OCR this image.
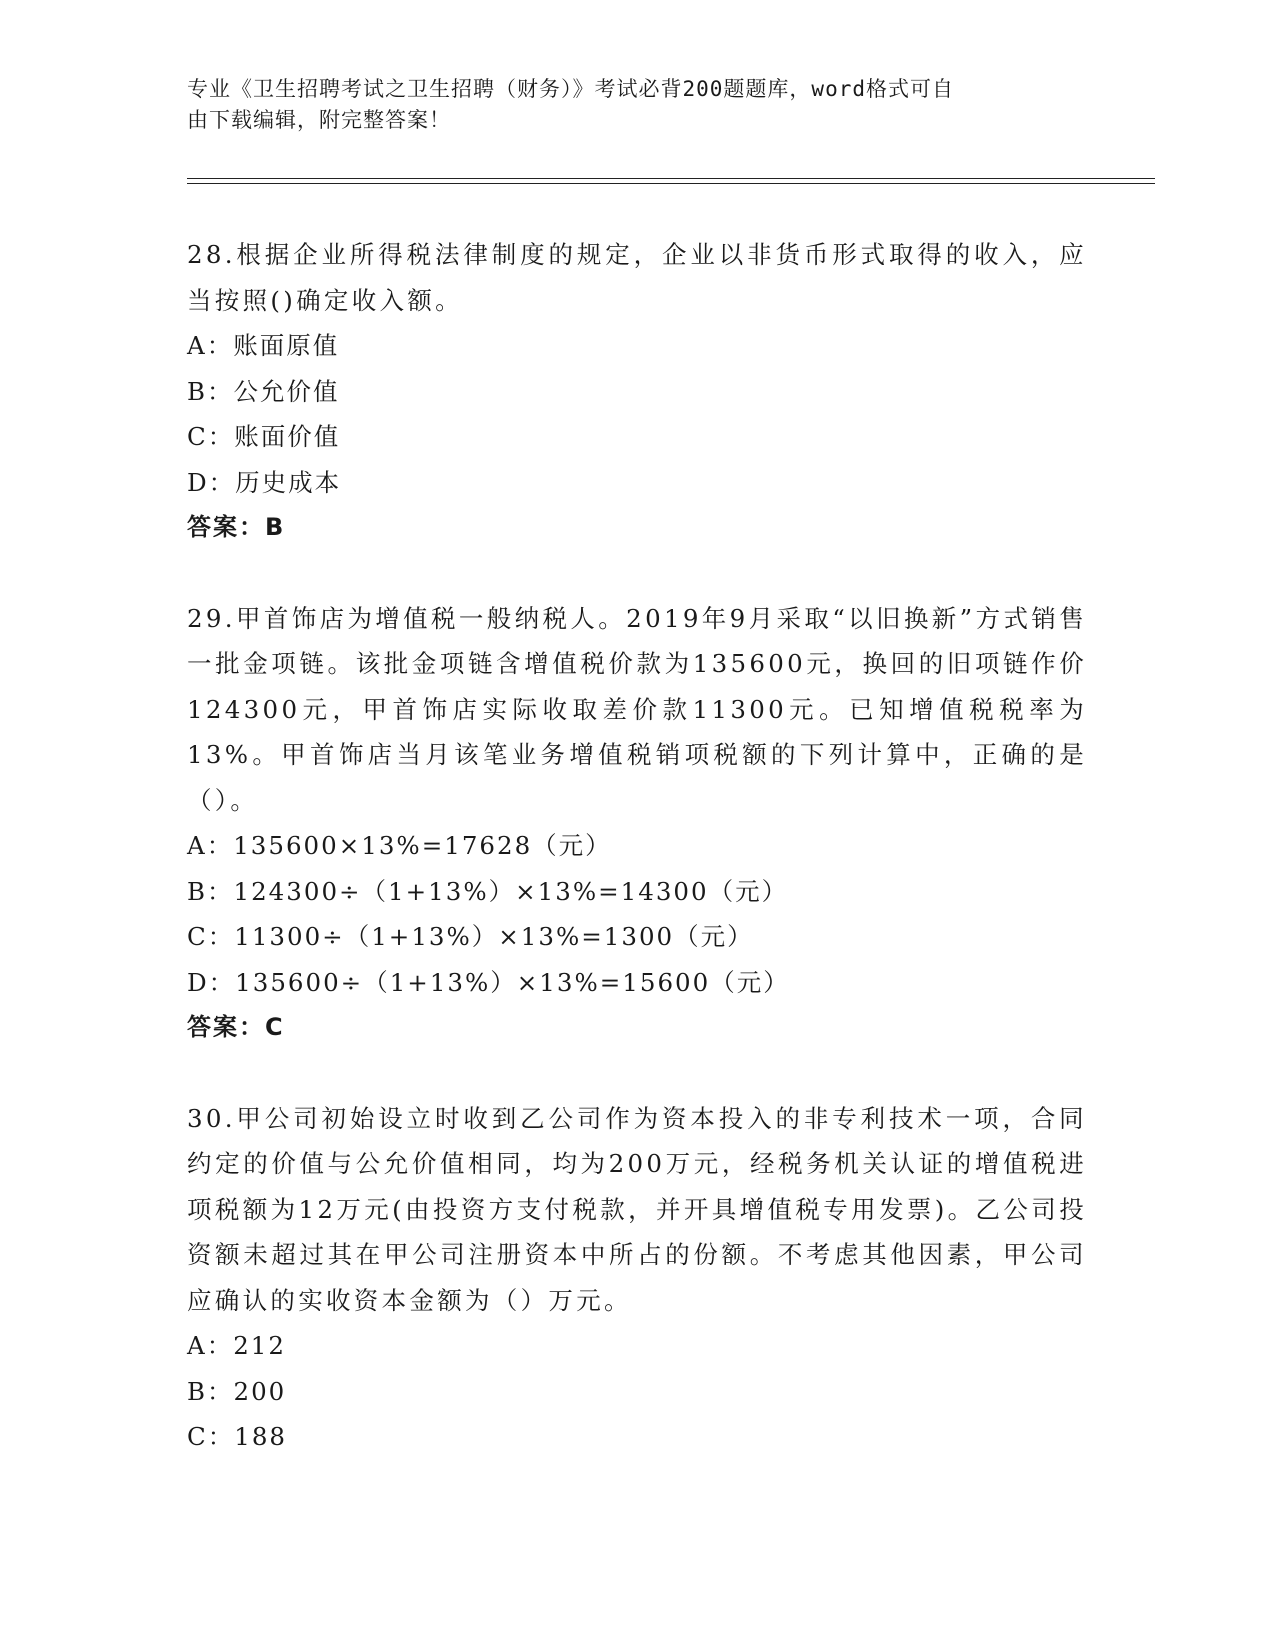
专业《卫生招聘考试之卫生招聘（财务）》考试必背200题题库，word格式可自
由下载编辑，附完整答案！

28.根据企业所得税法律制度的规定，企业以非货币形式取得的收入，应当按照()确定收入额。

A：账面原值

B：公允价值

C：账面价值

D：历史成本

答案：B

29.甲首饰店为增值税一般纳税人。2019年9月采取“以旧换新”方式销售一批金项链。该批金项链含增值税价款为135600元，换回的旧项链作价124300元，甲首饰店实际收取差价款11300元。已知增值税税率为13%。甲首饰店当月该笔业务增值税销项税额的下列计算中，正确的是（）。

A：135600×13%=17628（元）

B：124300÷（1+13%）×13%=14300（元）

C：11300÷（1+13%）×13%=1300（元）

D：135600÷（1+13%）×13%=15600（元）

答案：C

30.甲公司初始设立时收到乙公司作为资本投入的非专利技术一项，合同约定的价值与公允价值相同，均为200万元，经税务机关认证的增值税进项税额为12万元(由投资方支付税款，并开具增值税专用发票)。乙公司投资额未超过其在甲公司注册资本中所占的份额。不考虑其他因素，甲公司应确认的实收资本金额为（）万元。

A：212

B：200

C：188
